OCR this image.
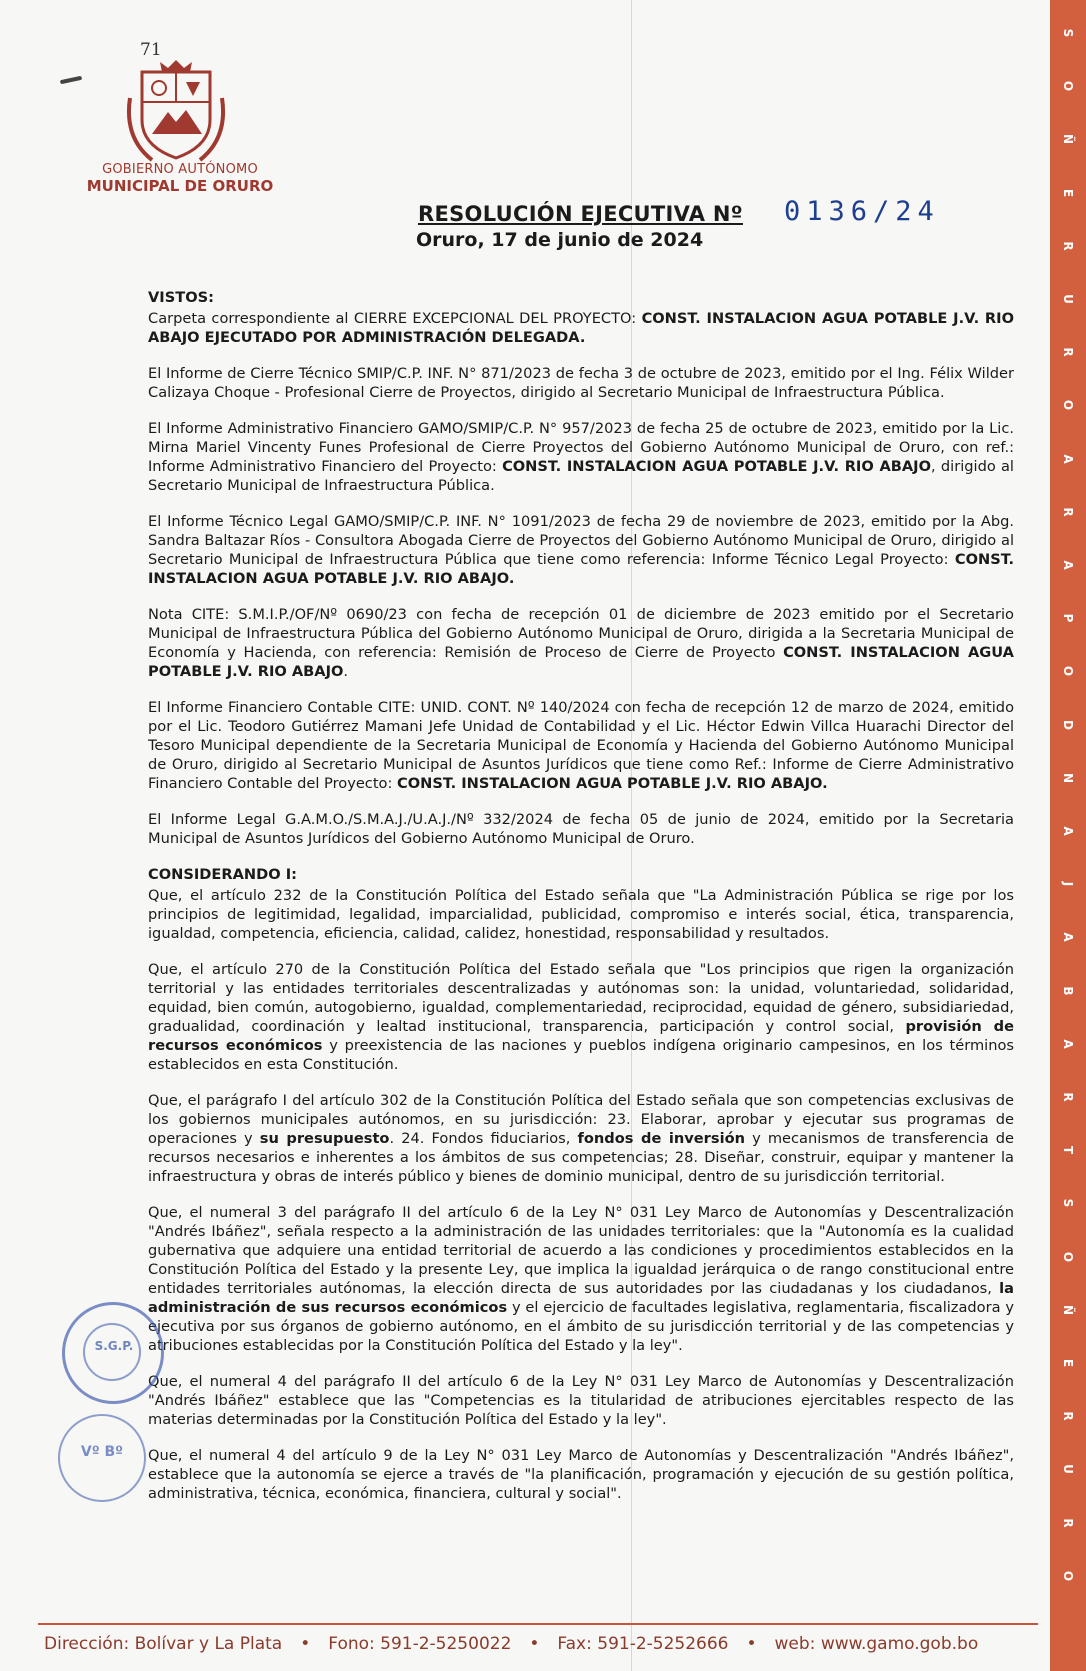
71
GOBIERNO AUTÓNOMO
MUNICIPAL DE ORURO
RESOLUCIÓN EJECUTIVA Nº 0136/24
Oruro, 17 de junio de 2024
VISTOS:

Carpeta correspondiente al CIERRE EXCEPCIONAL DEL PROYECTO: CONST. INSTALACION AGUA POTABLE J.V. RIO ABAJO EJECUTADO POR ADMINISTRACIÓN DELEGADA.

El Informe de Cierre Técnico SMIP/C.P. INF. N° 871/2023 de fecha 3 de octubre de 2023, emitido por el Ing. Félix Wilder Calizaya Choque - Profesional Cierre de Proyectos, dirigido al Secretario Municipal de Infraestructura Pública.

El Informe Administrativo Financiero GAMO/SMIP/C.P. N° 957/2023 de fecha 25 de octubre de 2023, emitido por la Lic. Mirna Mariel Vincenty Funes Profesional de Cierre Proyectos del Gobierno Autónomo Municipal de Oruro, con ref.: Informe Administrativo Financiero del Proyecto: CONST. INSTALACION AGUA POTABLE J.V. RIO ABAJO, dirigido al Secretario Municipal de Infraestructura Pública.

El Informe Técnico Legal GAMO/SMIP/C.P. INF. N° 1091/2023 de fecha 29 de noviembre de 2023, emitido por la Abg. Sandra Baltazar Ríos - Consultora Abogada Cierre de Proyectos del Gobierno Autónomo Municipal de Oruro, dirigido al Secretario Municipal de Infraestructura Pública que tiene como referencia: Informe Técnico Legal Proyecto: CONST. INSTALACION AGUA POTABLE J.V. RIO ABAJO.

Nota CITE: S.M.I.P./OF/Nº 0690/23 con fecha de recepción 01 de diciembre de 2023 emitido por el Secretario Municipal de Infraestructura Pública del Gobierno Autónomo Municipal de Oruro, dirigida a la Secretaria Municipal de Economía y Hacienda, con referencia: Remisión de Proceso de Cierre de Proyecto CONST. INSTALACION AGUA POTABLE J.V. RIO ABAJO.

El Informe Financiero Contable CITE: UNID. CONT. Nº 140/2024 con fecha de recepción 12 de marzo de 2024, emitido por el Lic. Teodoro Gutiérrez Mamani Jefe Unidad de Contabilidad y el Lic. Héctor Edwin Villca Huarachi Director del Tesoro Municipal dependiente de la Secretaria Municipal de Economía y Hacienda del Gobierno Autónomo Municipal de Oruro, dirigido al Secretario Municipal de Asuntos Jurídicos que tiene como Ref.: Informe de Cierre Administrativo Financiero Contable del Proyecto: CONST. INSTALACION AGUA POTABLE J.V. RIO ABAJO.

El Informe Legal G.A.M.O./S.M.A.J./U.A.J./Nº 332/2024 de fecha 05 de junio de 2024, emitido por la Secretaria Municipal de Asuntos Jurídicos del Gobierno Autónomo Municipal de Oruro.

CONSIDERANDO I:

Que, el artículo 232 de la Constitución Política del Estado señala que "La Administración Pública se rige por los principios de legitimidad, legalidad, imparcialidad, publicidad, compromiso e interés social, ética, transparencia, igualdad, competencia, eficiencia, calidad, calidez, honestidad, responsabilidad y resultados.

Que, el artículo 270 de la Constitución Política del Estado señala que "Los principios que rigen la organización territorial y las entidades territoriales descentralizadas y autónomas son: la unidad, voluntariedad, solidaridad, equidad, bien común, autogobierno, igualdad, complementariedad, reciprocidad, equidad de género, subsidiariedad, gradualidad, coordinación y lealtad institucional, transparencia, participación y control social, provisión de recursos económicos y preexistencia de las naciones y pueblos indígena originario campesinos, en los términos establecidos en esta Constitución.

Que, el parágrafo I del artículo 302 de la Constitución Política del Estado señala que son competencias exclusivas de los gobiernos municipales autónomos, en su jurisdicción: 23. Elaborar, aprobar y ejecutar sus programas de operaciones y su presupuesto. 24. Fondos fiduciarios, fondos de inversión y mecanismos de transferencia de recursos necesarios e inherentes a los ámbitos de sus competencias; 28. Diseñar, construir, equipar y mantener la infraestructura y obras de interés público y bienes de dominio municipal, dentro de su jurisdicción territorial.

Que, el numeral 3 del parágrafo II del artículo 6 de la Ley N° 031 Ley Marco de Autonomías y Descentralización "Andrés Ibáñez", señala respecto a la administración de las unidades territoriales: que la "Autonomía es la cualidad gubernativa que adquiere una entidad territorial de acuerdo a las condiciones y procedimientos establecidos en la Constitución Política del Estado y la presente Ley, que implica la igualdad jerárquica o de rango constitucional entre entidades territoriales autónomas, la elección directa de sus autoridades por las ciudadanas y los ciudadanos, la administración de sus recursos económicos y el ejercicio de facultades legislativa, reglamentaria, fiscalizadora y ejecutiva por sus órganos de gobierno autónomo, en el ámbito de su jurisdicción territorial y de las competencias y atribuciones establecidas por la Constitución Política del Estado y la ley".

Que, el numeral 4 del parágrafo II del artículo 6 de la Ley N° 031 Ley Marco de Autonomías y Descentralización "Andrés Ibáñez" establece que las "Competencias es la titularidad de atribuciones ejercitables respecto de las materias determinadas por la Constitución Política del Estado y la ley".

Que, el numeral 4 del artículo 9 de la Ley N° 031 Ley Marco de Autonomías y Descentralización "Andrés Ibáñez", establece que la autonomía se ejerce a través de "la planificación, programación y ejecución de su gestión política, administrativa, técnica, económica, financiera, cultural y social".

S.G.P.
Vº Bº
S
O
Ñ
E
R
U
R
O
A
R
A
P
O
D
N
A
J
A
B
A
R
T
S
O
Ñ
E
R
U
R
O
Dirección: Bolívar y La Plata • Fono: 591-2-5250022 • Fax: 591-2-5252666 • web: www.gamo.gob.bo
